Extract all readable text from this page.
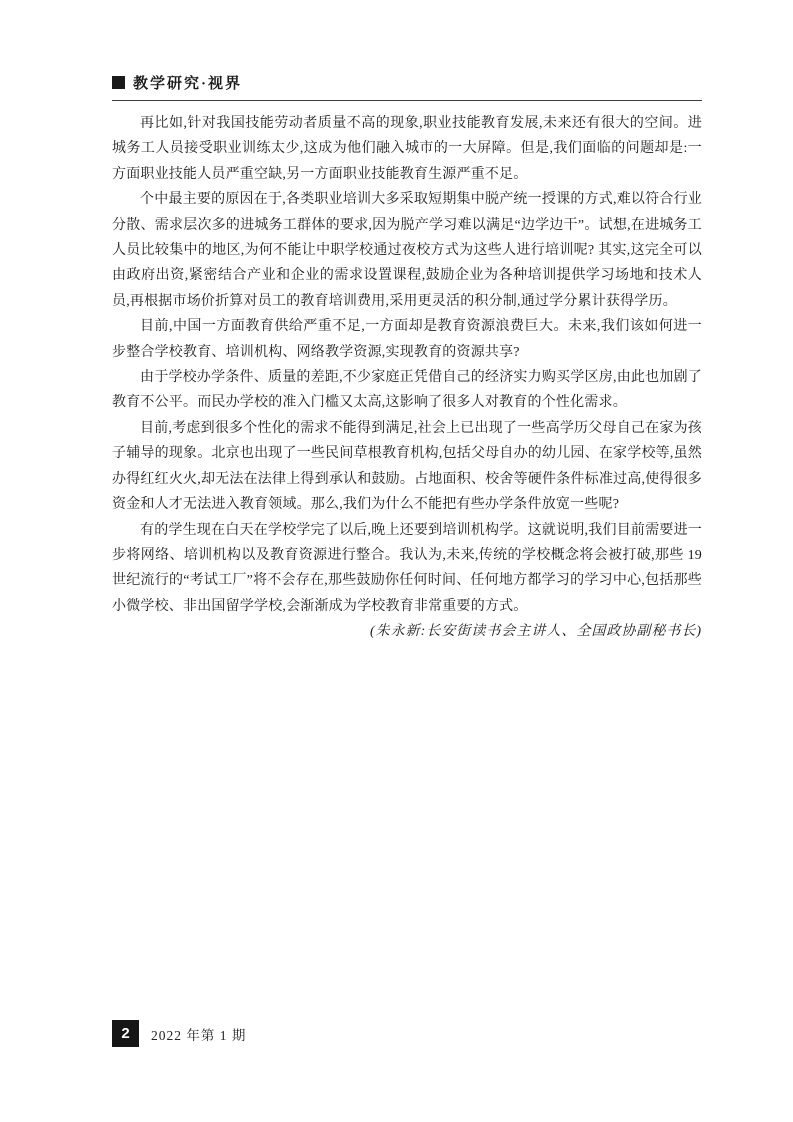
教学研究·视界

再比如,针对我国技能劳动者质量不高的现象,职业技能教育发展,未来还有很大的空间。进城务工人员接受职业训练太少,这成为他们融入城市的一大屏障。但是,我们面临的问题却是:一方面职业技能人员严重空缺,另一方面职业技能教育生源严重不足。

个中最主要的原因在于,各类职业培训大多采取短期集中脱产统一授课的方式,难以符合行业分散、需求层次多的进城务工群体的要求,因为脱产学习难以满足“边学边干”。试想,在进城务工人员比较集中的地区,为何不能让中职学校通过夜校方式为这些人进行培训呢? 其实,这完全可以由政府出资,紧密结合产业和企业的需求设置课程,鼓励企业为各种培训提供学习场地和技术人员,再根据市场价折算对员工的教育培训费用,采用更灵活的积分制,通过学分累计获得学历。

目前,中国一方面教育供给严重不足,一方面却是教育资源浪费巨大。未来,我们该如何进一步整合学校教育、培训机构、网络教学资源,实现教育的资源共享?

由于学校办学条件、质量的差距,不少家庭正凭借自己的经济实力购买学区房,由此也加剧了教育不公平。而民办学校的准入门槛又太高,这影响了很多人对教育的个性化需求。

目前,考虑到很多个性化的需求不能得到满足,社会上已出现了一些高学历父母自己在家为孩子辅导的现象。北京也出现了一些民间草根教育机构,包括父母自办的幼儿园、在家学校等,虽然办得红红火火,却无法在法律上得到承认和鼓励。占地面积、校舍等硬件条件标准过高,使得很多资金和人才无法进入教育领域。那么,我们为什么不能把有些办学条件放宽一些呢?

有的学生现在白天在学校学完了以后,晚上还要到培训机构学。这就说明,我们目前需要进一步将网络、培训机构以及教育资源进行整合。我认为,未来,传统的学校概念将会被打破,那些 19 世纪流行的“考试工厂”将不会存在,那些鼓励你任何时间、任何地方都学习的学习中心,包括那些小微学校、非出国留学学校,会渐渐成为学校教育非常重要的方式。

(朱永新:长安街读书会主讲人、全国政协副秘书长)

2	2022 年第 1 期
